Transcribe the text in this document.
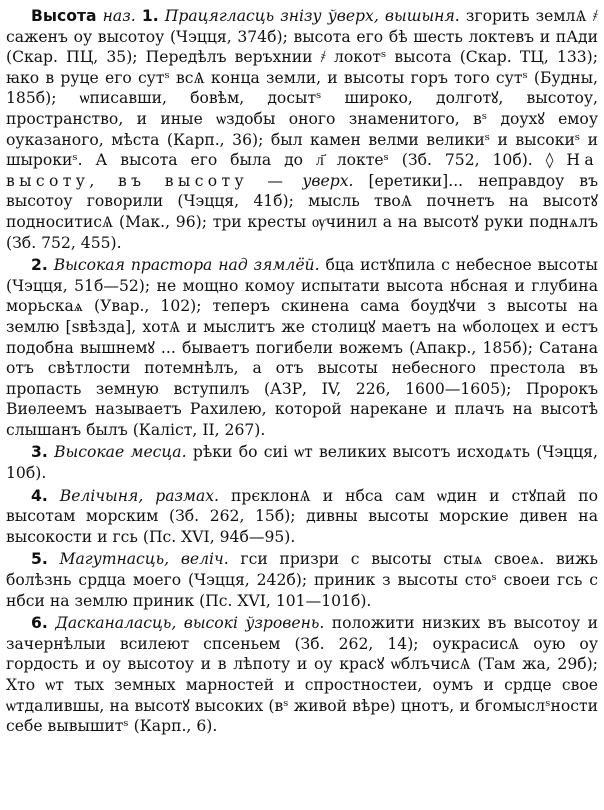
Высота наз. 1. Працягласць знізу ўверх, вышыня. згорить землѦ ҂ саженъ оу высотоу (Чэцця, 374б); высота его бѣ шесть локтевъ и пАди (Скар. ПЦ, 35); Передѣлъ веръхнии ҂ локотˢ высота (Скар. ТЦ, 133); ꙗко в руце его сутˢ всѦ конца земли, и высоты горъ того сутˢ (Будны, 185б); ѡписавши, бовѣм, досытˢ широко, долготꙋ, высотоу, пространство, и иные ѡздобы оного знаменитого, вˢ доухꙋ емоу оуказаного, мѣста (Карп., 36); был камен велми великиˢ и высокиˢ и шырокиˢ. А высота его была до л҃ локтеˢ (Зб. 752, 10б). ◊ На высоту, въ высоту — уверх. [еретики]... неправдоу въ высотоу говорили (Чэцця, 41б); мысль твоѦ почнетъ на высотꙋ подноситисѦ (Мак., 96); три кресты ѹчинил а на высотꙋ руки поднѧлъ (Зб. 752, 455).

2. Высокая прастора над зямлёй. бца истꙋпила с небесное высоты (Чэцця, 51б—52); не мощно комоу испытати высота нбсная и глубина морьскаѧ (Увар., 102); теперъ скинена сама боудꙋчи з высоты на землю [sвѣзда], хотѦ и мыслитъ же столицꙋ маетъ на ѡболоцех и естъ подобна вышнемꙋ ... бываетъ погибели вожемъ (Апакр., 185б); Сатана отъ свѣтлости потемнѣлъ, а отъ высоты небесного престола въ пропасть земную вступилъ (АЗР, IV, 226, 1600—1605); Пророкъ Виѳлеемъ называетъ Рахилею, которой нарекане и плачъ на высотѣ слышанъ былъ (Каліст, II, 267).

3. Высокае месца. рѣки бо сиі ѡт великих высотъ исходѧть (Чэцця, 10б).

4. Велічыня, размах. прєклонѦ и нбса сам ѡдин и стꙋпай по высотам морским (Зб. 262, 15б); дивны высоты морские дивен на высокости и гсь (Пс. XVI, 94б—95).

5. Магутнасць, веліч. гси призри с высоты стыѧ своеѧ. вижь болѣзнь срдца моего (Чэцця, 242б); приник з высоты стоˢ своеи гсь с нбси на землю приник (Пс. XVI, 101—101б).

6. Дасканаласць, высокі ўзровень. положити низких въ высотоу и зачернѣлыи всилеют спсеньем (Зб. 262, 14); оукрасисѦ оую оу гордость и оу высотоу и в лѣпоту и оу красꙋ ѡблъчисѦ (Там жа, 29б); Хто ѡт тых земных марностей и спростностеи, оумъ и срдце свое ѡтдалившы, на высотꙋ высоких (вˢ живой вѣре) цнотъ, и бгомыслˢности себе вывышитˢ (Карп., 6).
